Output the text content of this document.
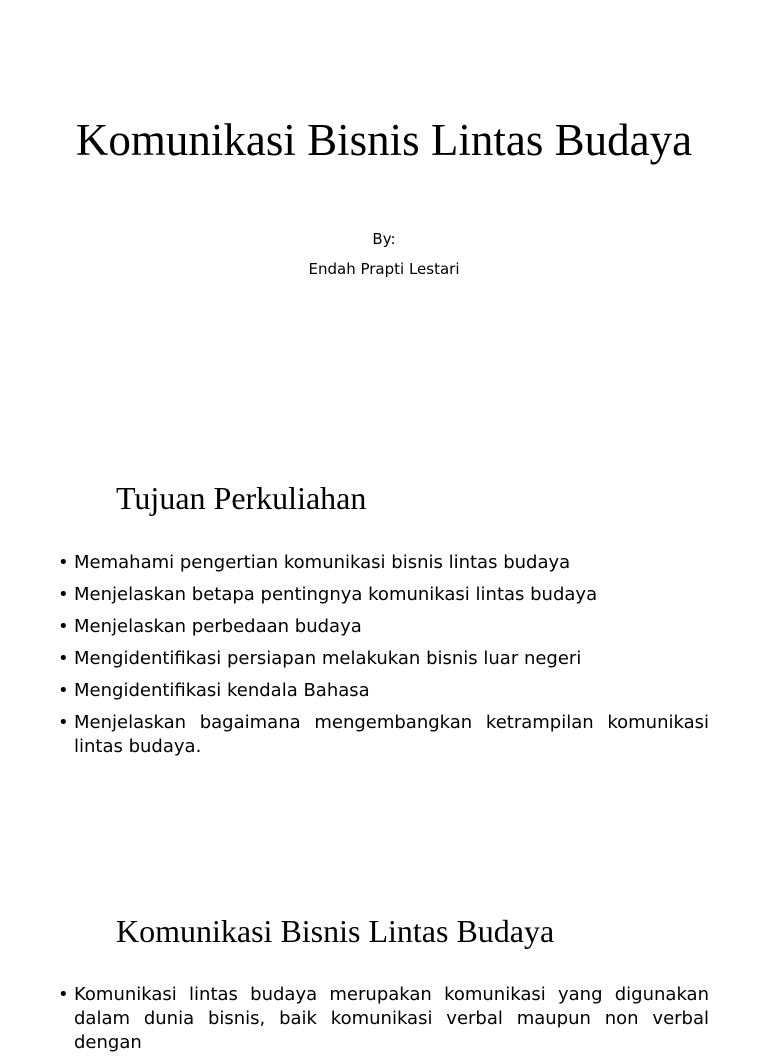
Komunikasi Bisnis Lintas Budaya
By:
Endah Prapti Lestari
Tujuan Perkuliahan
• Memahami pengertian komunikasi bisnis lintas budaya
• Menjelaskan betapa pentingnya komunikasi lintas budaya
• Menjelaskan perbedaan budaya
• Mengidentifikasi persiapan melakukan bisnis luar negeri
• Mengidentifikasi kendala Bahasa
• Menjelaskan bagaimana mengembangkan ketrampilan komunikasi lintas budaya.
Komunikasi Bisnis Lintas Budaya
• Komunikasi lintas budaya merupakan komunikasi yang digunakan dalam dunia bisnis, baik komunikasi verbal maupun non verbal dengan
